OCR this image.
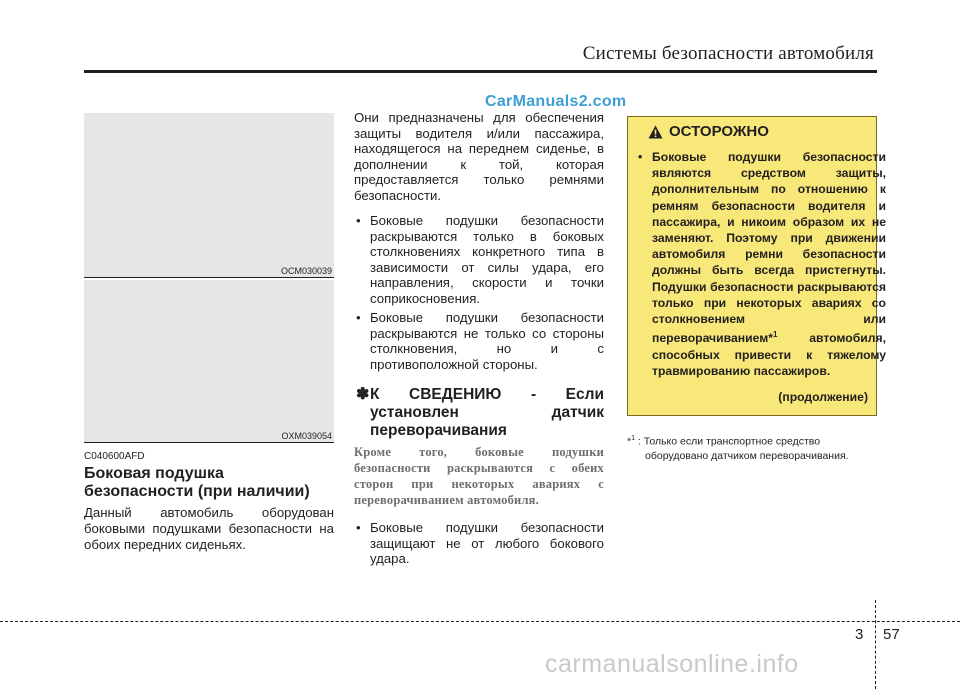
Системы безопасности автомобиля
CarManuals2.com
OCM030039
OXM039054
C040600AFD
Боковая подушка безопасности (при наличии)
Данный автомобиль оборудован боковыми подушками безопасности на обоих передних сиденьях.
Они предназначены для обеспечения защиты водителя и/или пассажира, находящегося на переднем сиденье, в дополнении к той, которая предоставляется только ремнями безопасности.
• Боковые подушки безопасности раскрываются только в боковых столкновениях конкретного типа в зависимости от силы удара, его направления, скорости и точки соприкосновения.
• Боковые подушки безопасности раскрываются не только со стороны столкновения, но и с противоположной стороны.
✽ К СВЕДЕНИЮ - Если установлен датчик переворачивания
Кроме того, боковые подушки безопасности раскрываются с обеих сторон при некоторых авариях с переворачиванием автомобиля.
• Боковые подушки безопасности защищают не от любого бокового удара.
ОСТОРОЖНО
• Боковые подушки безопасности являются средством защиты, дополнительным по отношению к ремням безопасности водителя и пассажира, и никоим образом их не заменяют. Поэтому при движении автомобиля ремни безопасности должны быть всегда пристегнуты. Подушки безопасности раскрываются только при некоторых авариях со столкновением или переворачиванием*$^1$ автомобиля, способных привести к тяжелому травмированию пассажиров.
(продолжение)
*$^1$ : Только если транспортное средство
оборудовано датчиком переворачивания.
3 57
carmanualsonline.info
